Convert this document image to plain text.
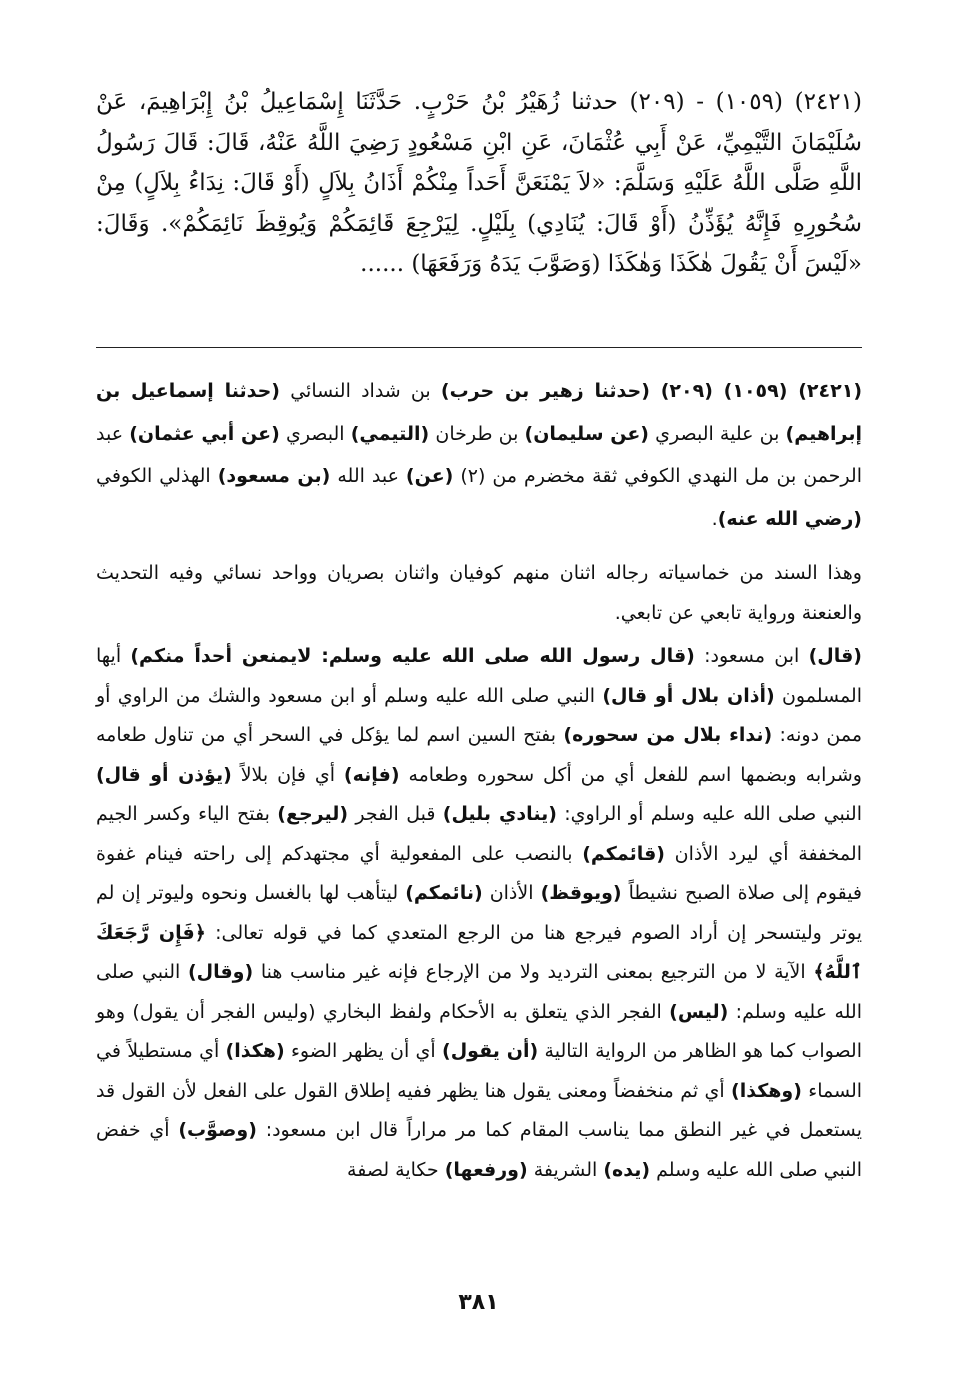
(٢٤٢١) (١٠٥٩) - (٢٠٩) حدثنا زُهَيْرُ بْنُ حَرْبٍ. حَدَّثَنَا إِسْمَاعِيلُ بْنُ إِبْرَاهِيمَ، عَنْ سُلَيْمَانَ التَّيْمِيِّ، عَنْ أَبِي عُثْمَانَ، عَنِ ابْنِ مَسْعُودٍ رَضِيَ اللَّهُ عَنْهُ، قَالَ: قَالَ رَسُولُ اللَّهِ صَلَّى اللَّهُ عَلَيْهِ وَسَلَّمَ: «لاَ يَمْنَعَنَّ أَحَداً مِنْكُمْ أَذَانُ بِلاَلٍ (أَوْ قَالَ: نِدَاءُ بِلاَلٍ) مِنْ سُحُورِهِ فَإِنَّهُ يُؤَذِّنُ (أَوْ قَالَ: يُنَادِي) بِلَيْلٍ. لِيَرْجِعَ قَائِمَكُمْ وَيُوقِظَ نَائِمَكُمْ». وَقَالَ: «لَيْسَ أَنْ يَقُولَ هٰكَذَا وَهٰكَذَا (وَصَوَّبَ يَدَهُ وَرَفَعَهَا) ......

(٢٤٢١) (١٠٥٩) (٢٠٩) (حدثنا زهير بن حرب) بن شداد النسائي (حدثنا إسماعيل بن إبراهيم) بن علية البصري (عن سليمان) بن طرخان (التيمي) البصري (عن أبي عثمان) عبد الرحمن بن مل النهدي الكوفي ثقة مخضرم من (٢) (عن) عبد الله (بن مسعود) الهذلي الكوفي (رضي الله عنه).

وهذا السند من خماسياته رجاله اثنان منهم كوفيان واثنان بصريان وواحد نسائي وفيه التحديث والعنعنة ورواية تابعي عن تابعي.

(قال) ابن مسعود: (قال رسول الله صلى الله عليه وسلم: لايمنعن أحداً منكم) أيها المسلمون (أذان بلال أو قال) النبي صلى الله عليه وسلم أو ابن مسعود والشك من الراوي أو ممن دونه: (نداء بلال من سحوره) بفتح السين اسم لما يؤكل في السحر أي من تناول طعامه وشرابه وبضمها اسم للفعل أي من أكل سحوره وطعامه (فإنه) أي فإن بلالاً (يؤذن أو قال) النبي صلى الله عليه وسلم أو الراوي: (ينادي بليل) قبل الفجر (ليرجع) بفتح الياء وكسر الجيم المخففة أي ليرد الأذان (قائمكم) بالنصب على المفعولية أي مجتهدكم إلى راحته فينام غفوة فيقوم إلى صلاة الصبح نشيطاً (ويوقظ) الأذان (نائمكم) ليتأهب لها بالغسل ونحوه وليوتر إن لم يوتر وليتسحر إن أراد الصوم فيرجع هنا من الرجع المتعدي كما في قوله تعالى: ﴿فَإِن رَّجَعَكَ ٱللَّهُ﴾ الآية لا من الترجيع بمعنى الترديد ولا من الإرجاع فإنه غير مناسب هنا (وقال) النبي صلى الله عليه وسلم: (ليس) الفجر الذي يتعلق به الأحكام ولفظ البخاري (وليس الفجر أن يقول) وهو الصواب كما هو الظاهر من الرواية التالية (أن يقول) أي أن يظهر الضوء (هكذا) أي مستطيلاً في السماء (وهكذا) أي ثم منخفضاً ومعنى يقول هنا يظهر ففيه إطلاق القول على الفعل لأن القول قد يستعمل في غير النطق مما يناسب المقام كما مر مراراً قال ابن مسعود: (وصوَّب) أي خفض النبي صلى الله عليه وسلم (يده) الشريفة (ورفعها) حكاية لصفة

٣٨١
